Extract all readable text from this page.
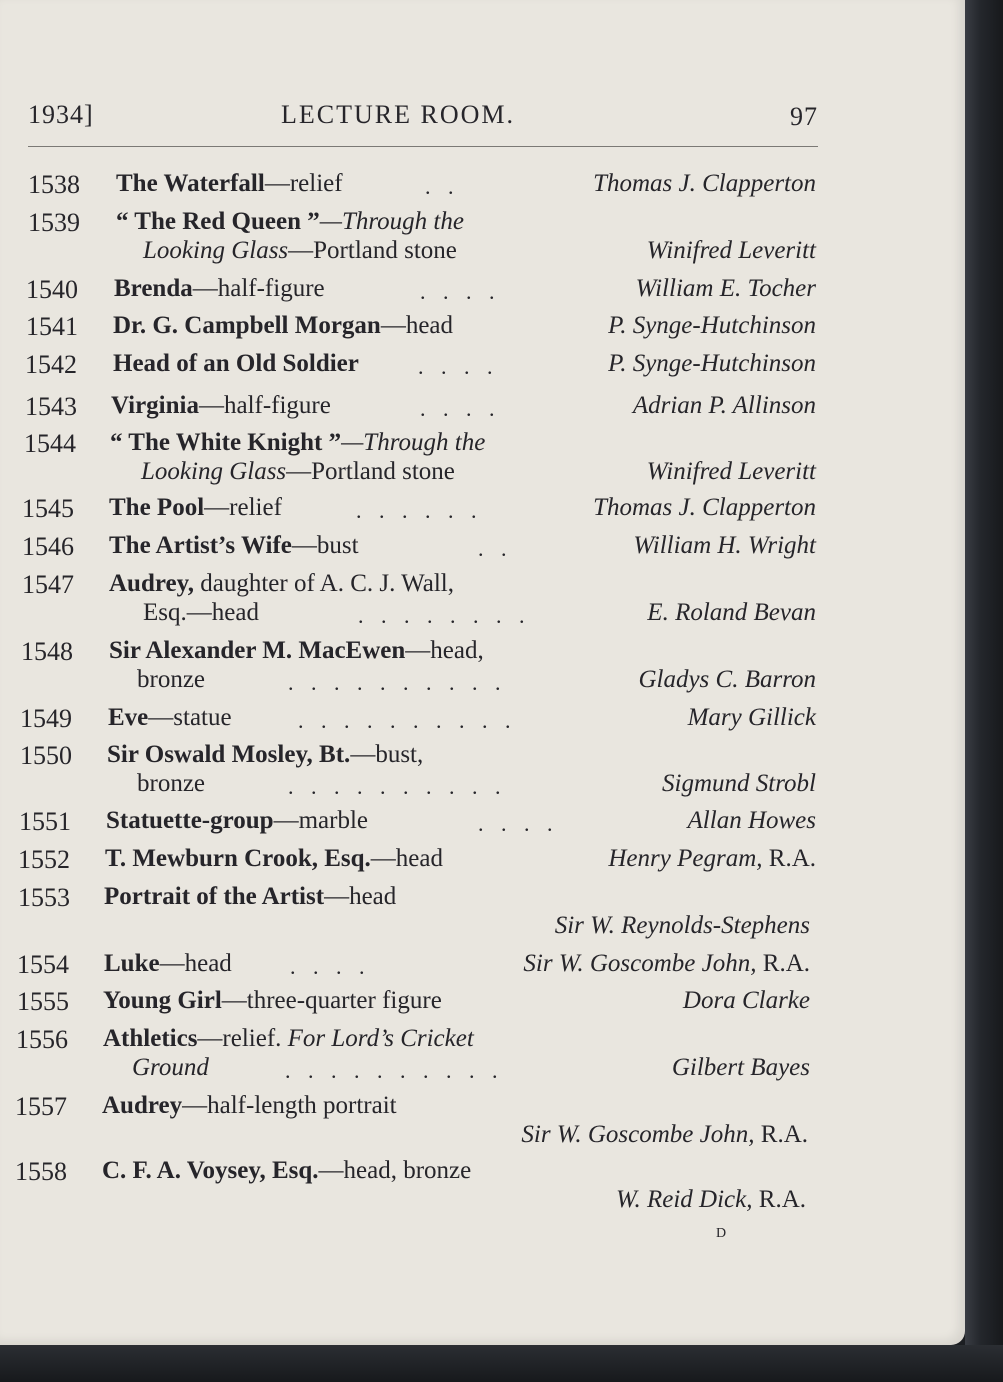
1934]	LECTURE ROOM.	97
1538 The Waterfall—relief	. .	Thomas J. Clapperton
1539 “ The Red Queen ”—Through the
Looking Glass—Portland stone	Winifred Leveritt
1540 Brenda—half-figure	. . . .	William E. Tocher
1541 Dr. G. Campbell Morgan—head	P. Synge-Hutchinson
1542 Head of an Old Soldier	. . . .	P. Synge-Hutchinson
1543 Virginia—half-figure	. . . .	Adrian P. Allinson
1544 “ The White Knight ”—Through the
Looking Glass—Portland stone	Winifred Leveritt
1545 The Pool—relief	. . . . . .	Thomas J. Clapperton
1546 The Artist’s Wife—bust	. .	William H. Wright
1547 Audrey, daughter of A. C. J. Wall,
Esq.—head	. . . . . . . .	E. Roland Bevan
1548 Sir Alexander M. MacEwen—head,
bronze	. . . . . . . . . .	Gladys C. Barron
1549 Eve—statue	. . . . . . . . . .	Mary Gillick
1550 Sir Oswald Mosley, Bt.—bust,
bronze	. . . . . . . . . .	Sigmund Strobl
1551 Statuette-group—marble	. . . .	Allan Howes
1552 T. Mewburn Crook, Esq.—head	Henry Pegram, R.A.
1553 Portrait of the Artist—head
Sir W. Reynolds-Stephens
1554 Luke—head	. . . .	Sir W. Goscombe John, R.A.
1555 Young Girl—three-quarter figure	Dora Clarke
1556 Athletics—relief. For Lord’s Cricket
Ground	. . . . . . . . . .	Gilbert Bayes
1557 Audrey—half-length portrait
Sir W. Goscombe John, R.A.
1558 C. F. A. Voysey, Esq.—head, bronze
W. Reid Dick, R.A.
D
